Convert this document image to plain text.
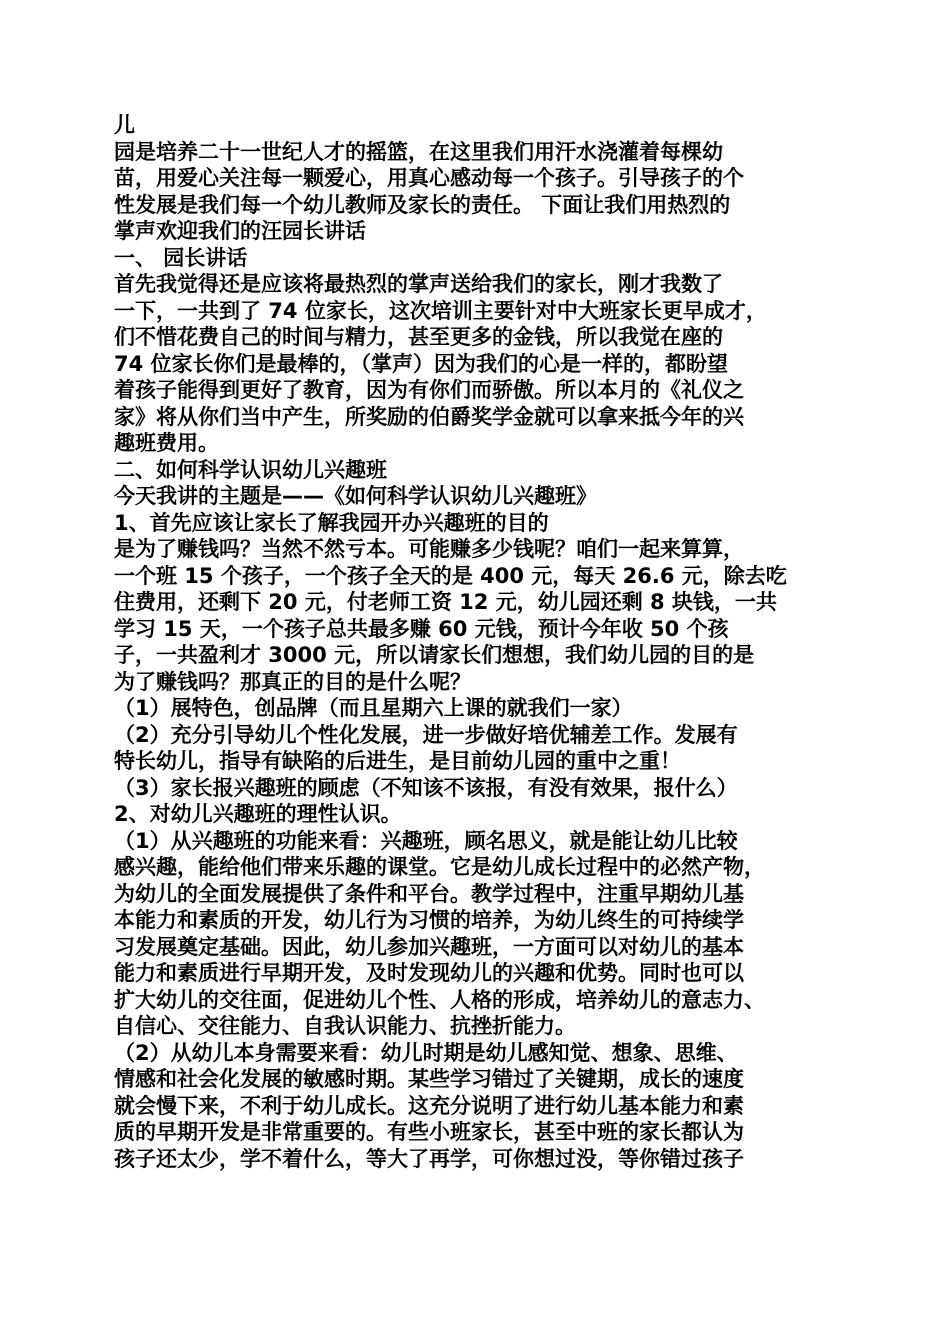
儿
园是培养二十一世纪人才的摇篮，在这里我们用汗水浇灌着每棵幼
苗，用爱心关注每一颗爱心，用真心感动每一个孩子。引导孩子的个
性发展是我们每一个幼儿教师及家长的责任。 下面让我们用热烈的
掌声欢迎我们的汪园长讲话
一、 园长讲话
首先我觉得还是应该将最热烈的掌声送给我们的家长，刚才我数了
一下，一共到了 74 位家长，这次培训主要针对中大班家长更早成才，
们不惜花费自己的时间与精力，甚至更多的金钱，所以我觉在座的
74 位家长你们是最棒的，（掌声）因为我们的心是一样的，都盼望
着孩子能得到更好了教育，因为有你们而骄傲。所以本月的《礼仪之
家》将从你们当中产生，所奖励的伯爵奖学金就可以拿来抵今年的兴
趣班费用。
二、如何科学认识幼儿兴趣班
今天我讲的主题是——《如何科学认识幼儿兴趣班》
1、首先应该让家长了解我园开办兴趣班的目的
是为了赚钱吗？当然不然亏本。可能赚多少钱呢？咱们一起来算算，
一个班 15 个孩子，一个孩子全天的是 400 元，每天 26.6 元，除去吃
住费用，还剩下 20 元，付老师工资 12 元，幼儿园还剩 8 块钱，一共
学习 15 天，一个孩子总共最多赚 60 元钱，预计今年收 50 个孩
子，一共盈利才 3000 元，所以请家长们想想，我们幼儿园的目的是
为了赚钱吗？那真正的目的是什么呢？
（1）展特色，创品牌（而且星期六上课的就我们一家）
（2）充分引导幼儿个性化发展，进一步做好培优辅差工作。发展有
特长幼儿，指导有缺陷的后进生，是目前幼儿园的重中之重！
（3）家长报兴趣班的顾虑（不知该不该报，有没有效果，报什么）
2、对幼儿兴趣班的理性认识。
（1）从兴趣班的功能来看：兴趣班，顾名思义，就是能让幼儿比较
感兴趣，能给他们带来乐趣的课堂。它是幼儿成长过程中的必然产物，
为幼儿的全面发展提供了条件和平台。教学过程中，注重早期幼儿基
本能力和素质的开发，幼儿行为习惯的培养，为幼儿终生的可持续学
习发展奠定基础。因此，幼儿参加兴趣班，一方面可以对幼儿的基本
能力和素质进行早期开发，及时发现幼儿的兴趣和优势。同时也可以
扩大幼儿的交往面，促进幼儿个性、人格的形成，培养幼儿的意志力、
自信心、交往能力、自我认识能力、抗挫折能力。
（2）从幼儿本身需要来看：幼儿时期是幼儿感知觉、想象、思维、
情感和社会化发展的敏感时期。某些学习错过了关键期，成长的速度
就会慢下来，不利于幼儿成长。这充分说明了进行幼儿基本能力和素
质的早期开发是非常重要的。有些小班家长，甚至中班的家长都认为
孩子还太少，学不着什么，等大了再学，可你想过没，等你错过孩子
